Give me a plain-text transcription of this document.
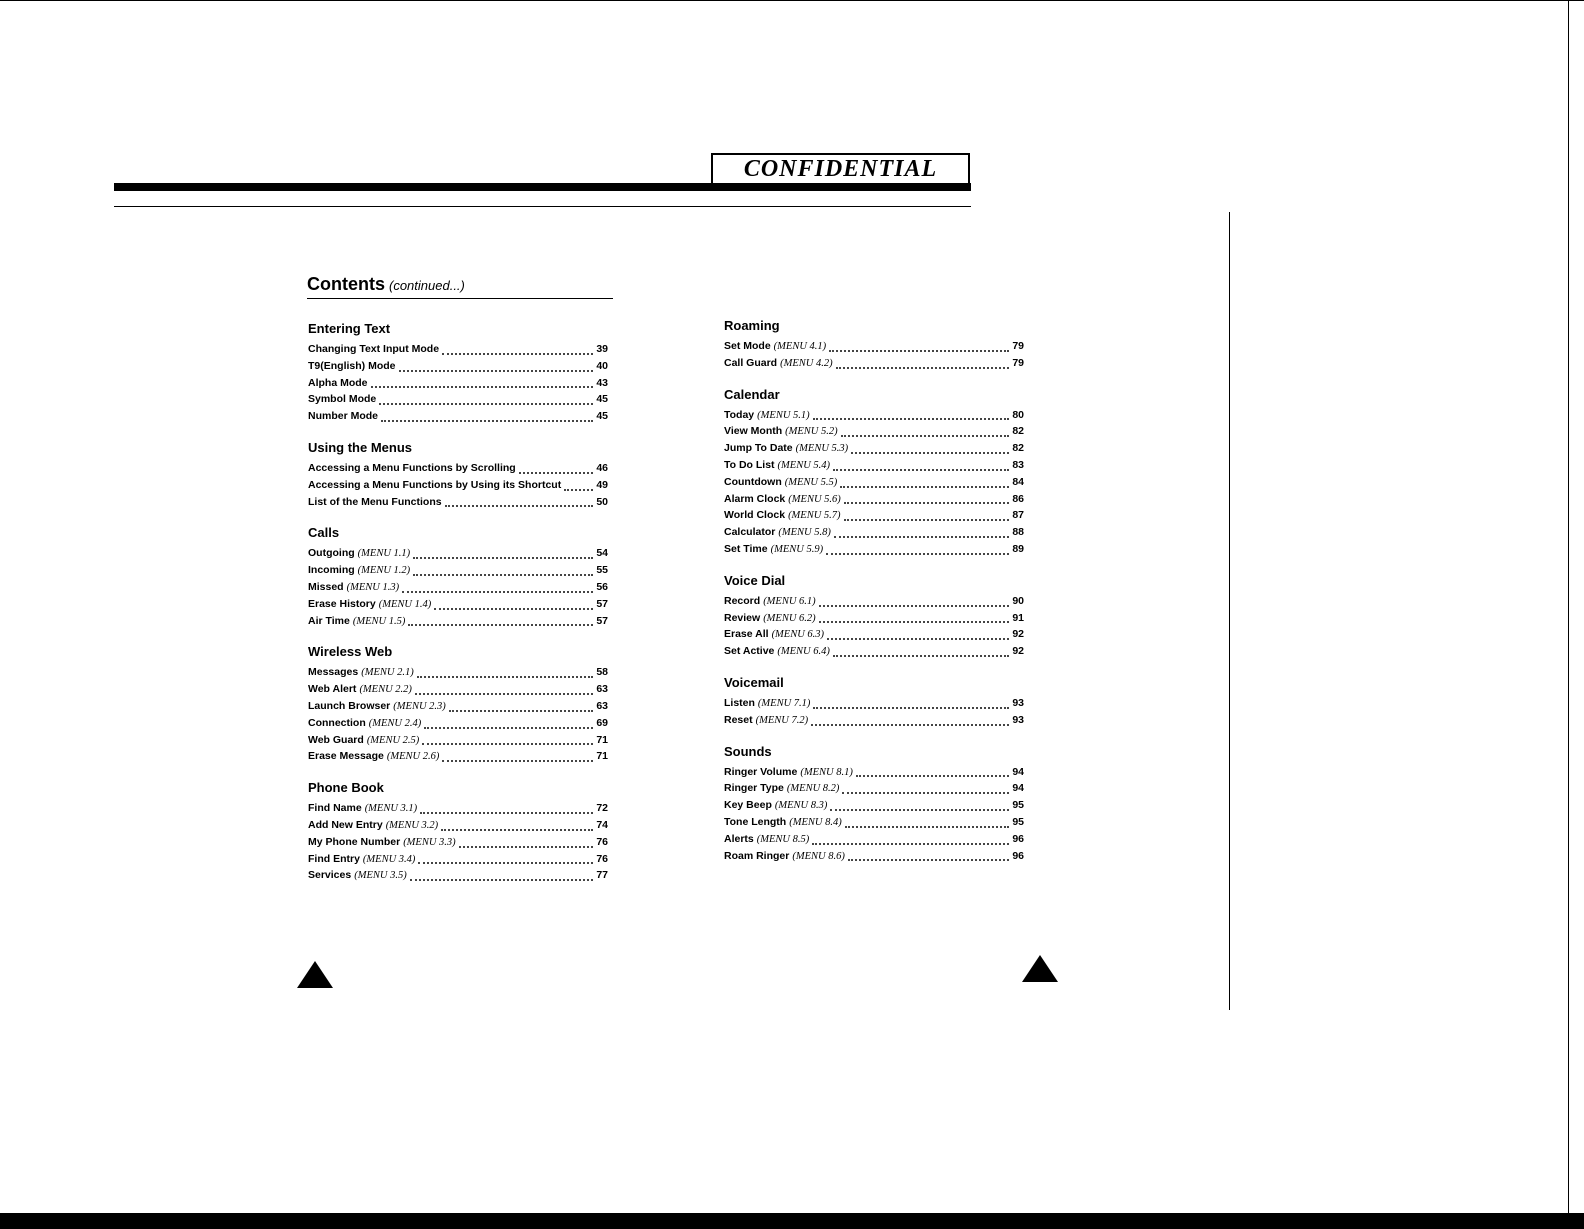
CONFIDENTIAL
Contents (continued...)
Entering Text
Changing Text Input Mode	39
T9(English) Mode	40
Alpha Mode	43
Symbol Mode	45
Number Mode	45
Using the Menus
Accessing a Menu Functions by Scrolling	46
Accessing a Menu Functions by Using its Shortcut	49
List of the Menu Functions	50
Calls
Outgoing (MENU 1.1)	54
Incoming (MENU 1.2)	55
Missed (MENU 1.3)	56
Erase History (MENU 1.4)	57
Air Time (MENU 1.5)	57
Wireless Web
Messages (MENU 2.1)	58
Web Alert (MENU 2.2)	63
Launch Browser (MENU 2.3)	63
Connection (MENU 2.4)	69
Web Guard (MENU 2.5)	71
Erase Message (MENU 2.6)	71
Phone Book
Find Name (MENU 3.1)	72
Add New Entry (MENU 3.2)	74
My Phone Number (MENU 3.3)	76
Find Entry (MENU 3.4)	76
Services (MENU 3.5)	77
Roaming
Set Mode (MENU 4.1)	79
Call Guard (MENU 4.2)	79
Calendar
Today (MENU 5.1)	80
View Month (MENU 5.2)	82
Jump To Date (MENU 5.3)	82
To Do List (MENU 5.4)	83
Countdown (MENU 5.5)	84
Alarm Clock (MENU 5.6)	86
World Clock (MENU 5.7)	87
Calculator (MENU 5.8)	88
Set Time (MENU 5.9)	89
Voice Dial
Record (MENU 6.1)	90
Review (MENU 6.2)	91
Erase All (MENU 6.3)	92
Set Active (MENU 6.4)	92
Voicemail
Listen (MENU 7.1)	93
Reset (MENU 7.2)	93
Sounds
Ringer Volume (MENU 8.1)	94
Ringer Type (MENU 8.2)	94
Key Beep (MENU 8.3)	95
Tone Length (MENU 8.4)	95
Alerts (MENU 8.5)	96
Roam Ringer (MENU 8.6)	96
